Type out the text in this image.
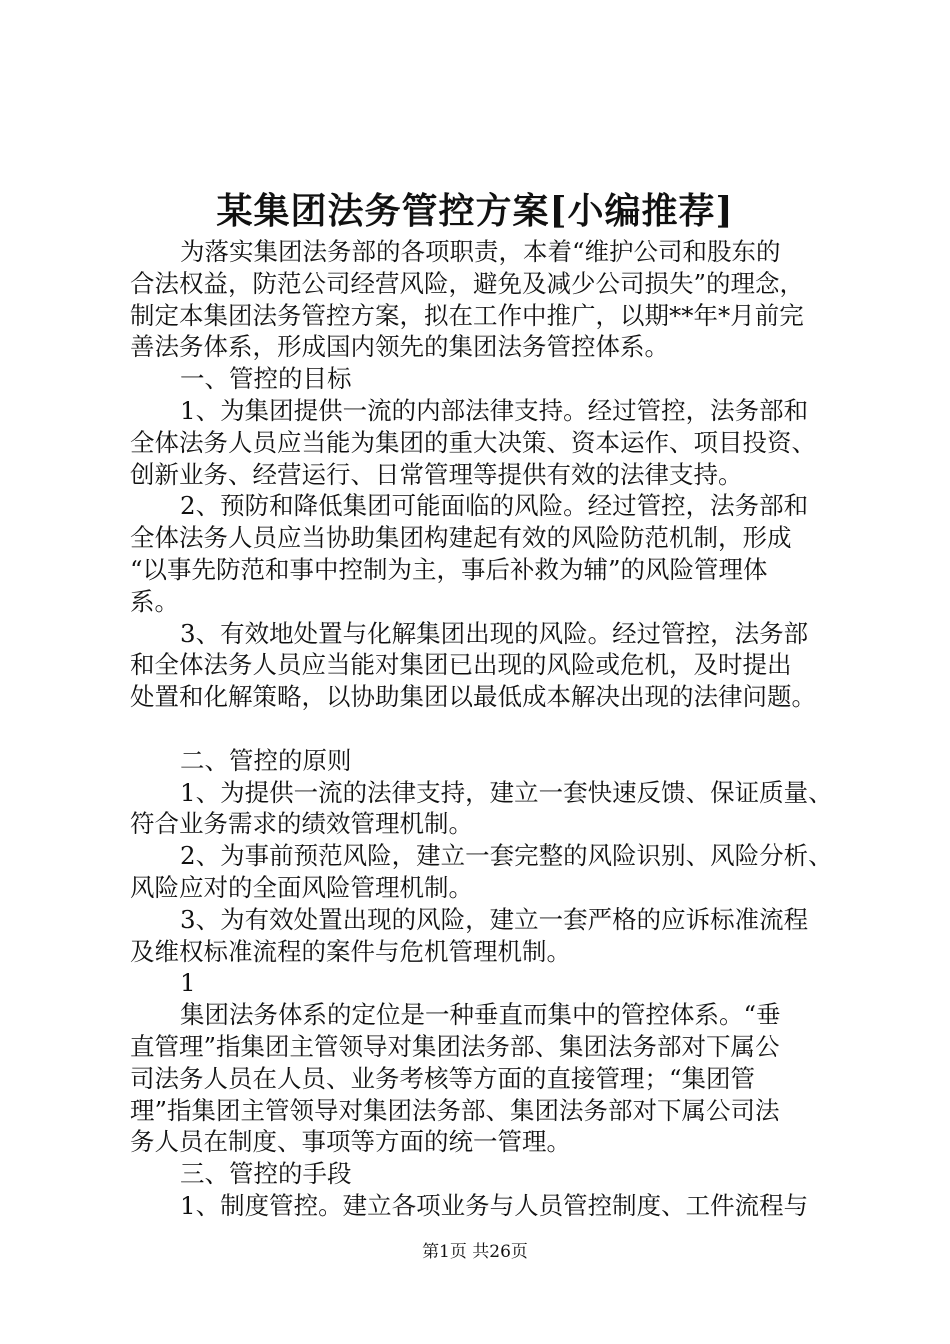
某集团法务管控方案[小编推荐]
为落实集团法务部的各项职责，本着“维护公司和股东的
合法权益，防范公司经营风险，避免及减少公司损失”的理念，
制定本集团法务管控方案，拟在工作中推广，以期**年*月前完
善法务体系，形成国内领先的集团法务管控体系。
一、管控的目标
1、为集团提供一流的内部法律支持。经过管控，法务部和
全体法务人员应当能为集团的重大决策、资本运作、项目投资、
创新业务、经营运行、日常管理等提供有效的法律支持。
2、预防和降低集团可能面临的风险。经过管控，法务部和
全体法务人员应当协助集团构建起有效的风险防范机制，形成
“以事先防范和事中控制为主，事后补救为辅”的风险管理体
系。
3、有效地处置与化解集团出现的风险。经过管控，法务部
和全体法务人员应当能对集团已出现的风险或危机，及时提出
处置和化解策略，以协助集团以最低成本解决出现的法律问题。
二、管控的原则
1、为提供一流的法律支持，建立一套快速反馈、保证质量、
符合业务需求的绩效管理机制。
2、为事前预范风险，建立一套完整的风险识别、风险分析、
风险应对的全面风险管理机制。
3、为有效处置出现的风险，建立一套严格的应诉标准流程
及维权标准流程的案件与危机管理机制。
1
集团法务体系的定位是一种垂直而集中的管控体系。“垂
直管理”指集团主管领导对集团法务部、集团法务部对下属公
司法务人员在人员、业务考核等方面的直接管理；“集团管
理”指集团主管领导对集团法务部、集团法务部对下属公司法
务人员在制度、事项等方面的统一管理。
三、管控的手段
1、制度管控。建立各项业务与人员管控制度、工件流程与
第1页 共26页
